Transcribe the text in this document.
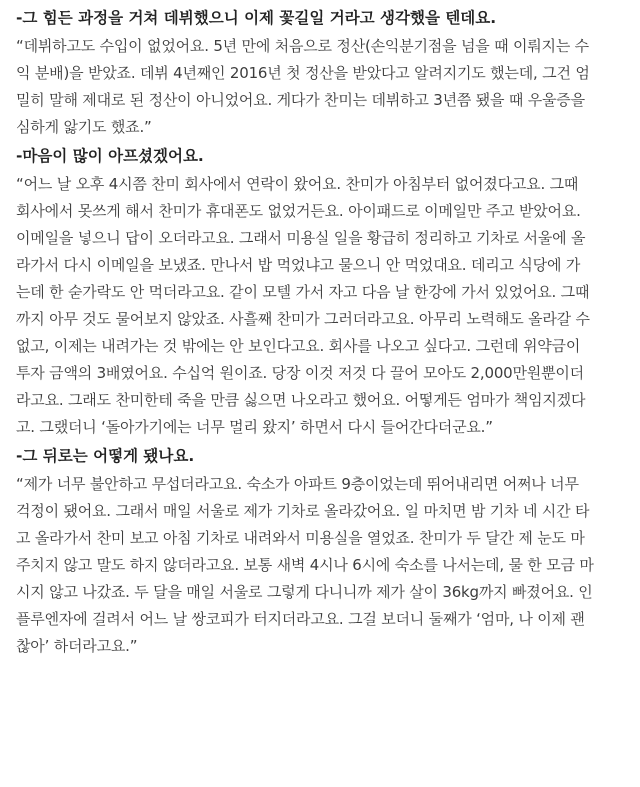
-그 힘든 과정을 거쳐 데뷔했으니 이제 꽃길일 거라고 생각했을 텐데요.
“데뷔하고도 수입이 없었어요. 5년 만에 처음으로 정산(손익분기점을 넘을 때 이뤄지는 수
익 분배)을 받았죠. 데뷔 4년째인 2016년 첫 정산을 받았다고 알려지기도 했는데, 그건 엄
밀히 말해 제대로 된 정산이 아니었어요. 게다가 찬미는 데뷔하고 3년쯤 됐을 때 우울증을
심하게 앓기도 했죠.”
-마음이 많이 아프셨겠어요.
“어느 날 오후 4시쯤 찬미 회사에서 연락이 왔어요. 찬미가 아침부터 없어졌다고요. 그때
회사에서 못쓰게 해서 찬미가 휴대폰도 없었거든요. 아이패드로 이메일만 주고 받았어요.
이메일을 넣으니 답이 오더라고요. 그래서 미용실 일을 황급히 정리하고 기차로 서울에 올
라가서 다시 이메일을 보냈죠. 만나서 밥 먹었냐고 물으니 안 먹었대요. 데리고 식당에 가
는데 한 숟가락도 안 먹더라고요. 같이 모텔 가서 자고 다음 날 한강에 가서 있었어요. 그때
까지 아무 것도 물어보지 않았죠. 사흘째 찬미가 그러더라고요. 아무리 노력해도 올라갈 수
없고, 이제는 내려가는 것 밖에는 안 보인다고요. 회사를 나오고 싶다고. 그런데 위약금이
투자 금액의 3배였어요. 수십억 원이죠. 당장 이것 저것 다 끌어 모아도 2,000만원뿐이더
라고요. 그래도 찬미한테 죽을 만큼 싫으면 나오라고 했어요. 어떻게든 엄마가 책임지겠다
고. 그랬더니 ‘돌아가기에는 너무 멀리 왔지’ 하면서 다시 들어간다더군요.”
-그 뒤로는 어떻게 됐나요.
“제가 너무 불안하고 무섭더라고요. 숙소가 아파트 9층이었는데 뛰어내리면 어쩌나 너무
걱정이 됐어요. 그래서 매일 서울로 제가 기차로 올라갔어요. 일 마치면 밤 기차 네 시간 타
고 올라가서 찬미 보고 아침 기차로 내려와서 미용실을 열었죠. 찬미가 두 달간 제 눈도 마
주치지 않고 말도 하지 않더라고요. 보통 새벽 4시나 6시에 숙소를 나서는데, 물 한 모금 마
시지 않고 나갔죠. 두 달을 매일 서울로 그렇게 다니니까 제가 살이 36kg까지 빠졌어요. 인
플루엔자에 걸려서 어느 날 쌍코피가 터지더라고요. 그걸 보더니 둘째가 ‘엄마, 나 이제 괜
찮아’ 하더라고요.”
